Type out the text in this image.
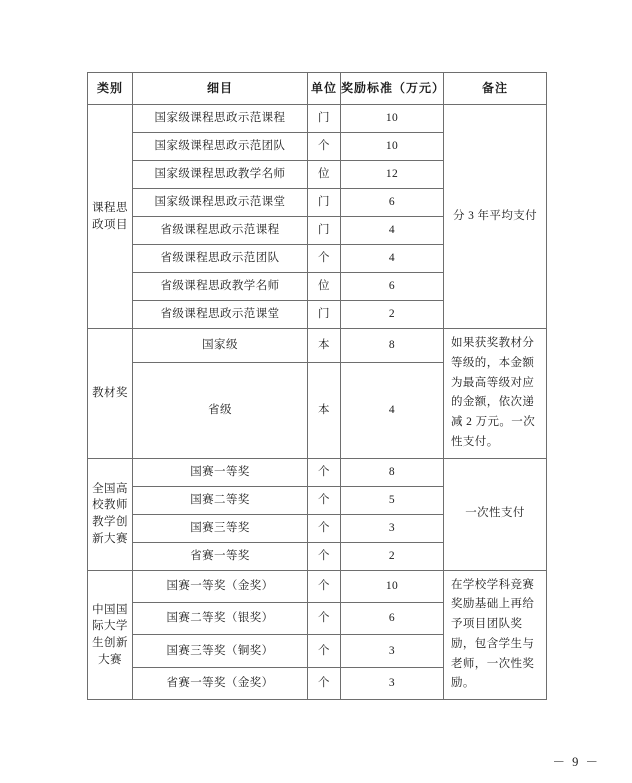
类别	细目	单位	奖励标准（万元）	备注

课程思政项目	国家级课程思政示范课程	门	10	分 3 年平均支付

	国家级课程思政示范团队	个	10	
	国家级课程思政教学名师	位	12	
	国家级课程思政示范课堂	门	6	
	省级课程思政示范课程	门	4	
	省级课程思政示范团队	个	4	
	省级课程思政教学名师	位	6	
	省级课程思政示范课堂	门	2	

教材奖	国家级	本	8	如果获奖教材分等级的，本金额为最高等级对应的金额，依次递减 2 万元。一次性支付。

	省级	本	4	

全国高校教师教学创新大赛	国赛一等奖	个	8	一次性支付

	国赛二等奖	个	5	
	国赛三等奖	个	3	
	省赛一等奖	个	2	

中国国际大学生创新大赛	国赛一等奖（金奖）	个	10	在学校学科竞赛奖励基础上再给予项目团队奖励，包含学生与老师，一次性奖励。

	国赛二等奖（银奖）	个	6	
	国赛三等奖（铜奖）	个	3	
	省赛一等奖（金奖）	个	3	
－ 9 －
